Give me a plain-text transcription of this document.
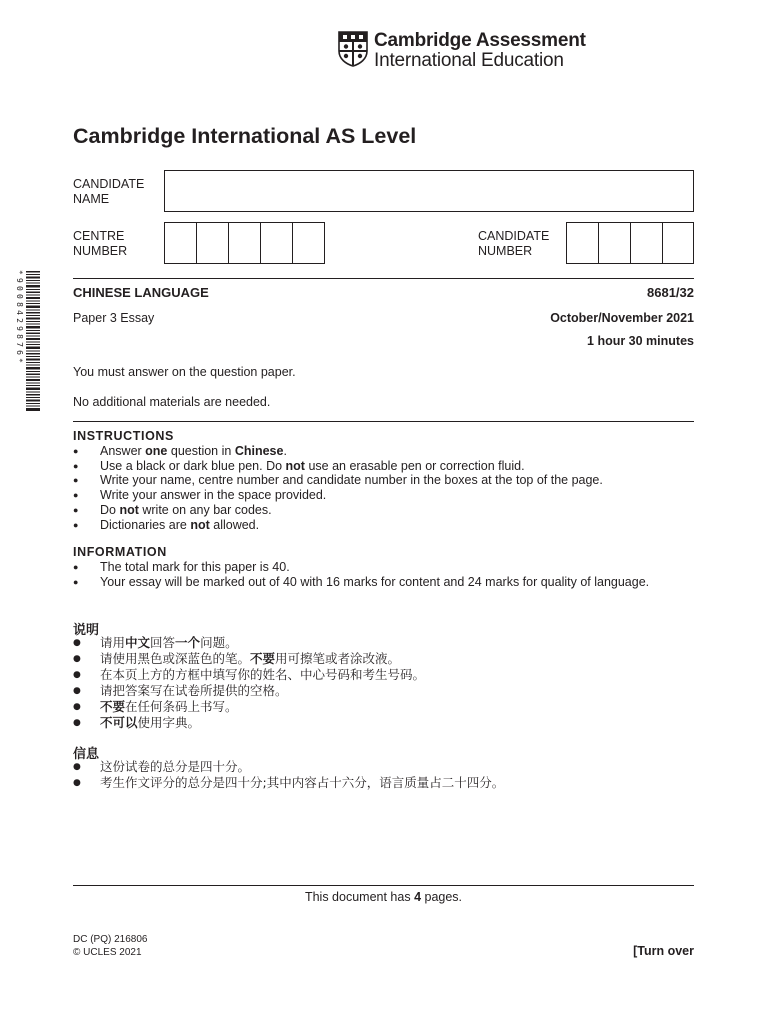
Cambridge Assessment
International Education
Cambridge International AS Level
CANDIDATE
NAME
CENTRE
NUMBER
CANDIDATE
NUMBER
*9008429876*	CHINESE LANGUAGE	8681/32
Paper 3 Essay	October/November 2021
1 hour 30 minutes
You must answer on the question paper.
No additional materials are needed.
INSTRUCTIONS
● Answer one question in Chinese.
● Use a black or dark blue pen. Do not use an erasable pen or correction fluid.
● Write your name, centre number and candidate number in the boxes at the top of the page.
● Write your answer in the space provided.
● Do not write on any bar codes.
● Dictionaries are not allowed.
INFORMATION
● The total mark for this paper is 40.
● Your essay will be marked out of 40 with 16 marks for content and 24 marks for quality of language.
说明
● 请用中文回答一个问题。
● 请使用黑色或深蓝色的笔。不要用可擦笔或者涂改液。
● 在本页上方的方框中填写你的姓名、中心号码和考生号码。
● 请把答案写在试卷所提供的空格。
● 不要在任何条码上书写。
● 不可以使用字典。
信息
● 这份试卷的总分是四十分。
● 考生作文评分的总分是四十分;其中内容占十六分，语言质量占二十四分。
This document has 4 pages.
DC (PQ) 216806
© UCLES 2021	[Turn over
